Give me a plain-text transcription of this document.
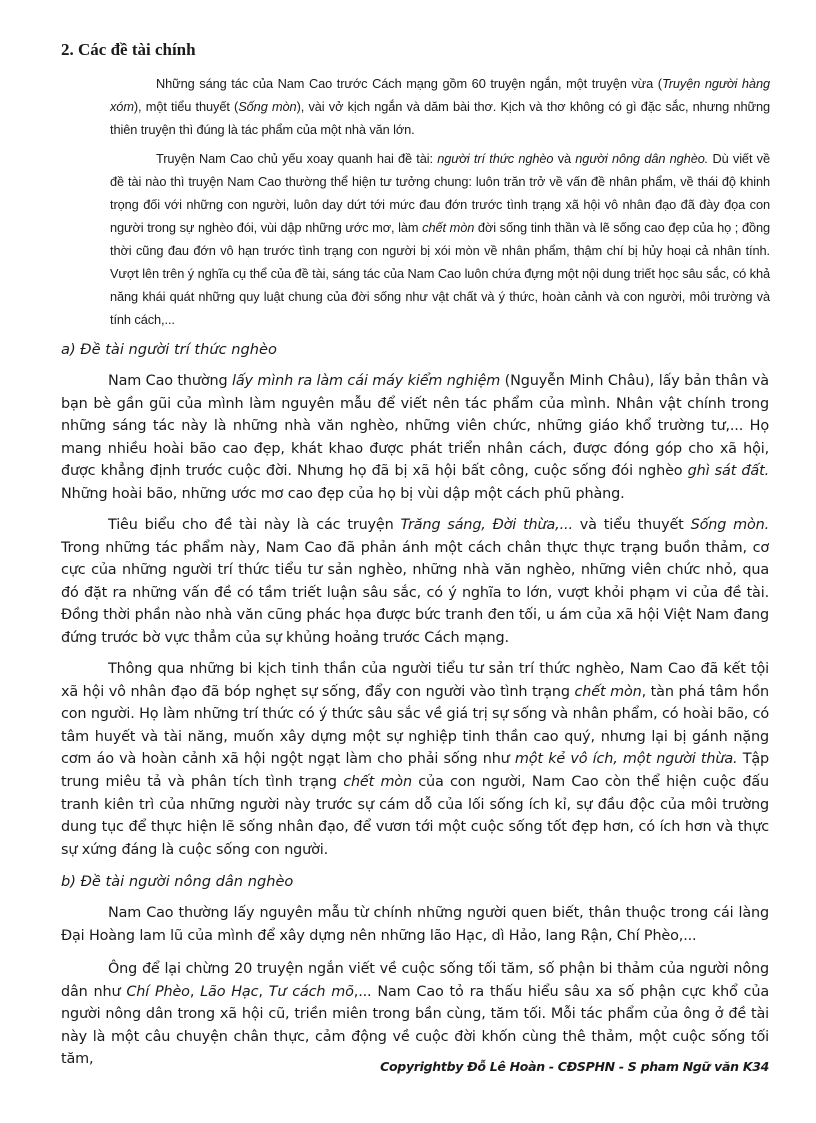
2. Các đề tài chính

Những sáng tác của Nam Cao trước Cách mạng gồm 60 truyện ngắn, một truyện vừa (Truyện người hàng xóm), một tiểu thuyết (Sống mòn), vài vở kịch ngắn và dăm bài thơ. Kịch và thơ không có gì đặc sắc, nhưng những thiên truyện thì đúng là tác phẩm của một nhà văn lớn.

Truyện Nam Cao chủ yếu xoay quanh hai đề tài: người trí thức nghèo và người nông dân nghèo. Dù viết về đề tài nào thì truyện Nam Cao thường thể hiện tư tưởng chung: luôn trăn trở về vấn đề nhân phẩm, về thái độ khinh trọng đối với những con người, luôn day dứt tới mức đau đớn trước tình trạng xã hội vô nhân đạo đã đày đọa con người trong sự nghèo đói, vùi dập những ước mơ, làm chết mòn đời sống tinh thần và lẽ sống cao đẹp của họ ; đồng thời cũng đau đớn vô hạn trước tình trạng con người bị xói mòn về nhân phẩm, thậm chí bị hủy hoại cả nhân tính. Vượt lên trên ý nghĩa cụ thể của đề tài, sáng tác của Nam Cao luôn chứa đựng một nội dung triết học sâu sắc, có khả năng khái quát những quy luật chung của đời sống như vật chất và ý thức, hoàn cảnh và con người, môi trường và tính cách,...

a) Đề tài người trí thức nghèo

Nam Cao thường lấy mình ra làm cái máy kiểm nghiệm (Nguyễn Minh Châu), lấy bản thân và bạn bè gần gũi của mình làm nguyên mẫu để viết nên tác phẩm của mình. Nhân vật chính trong những sáng tác này là những nhà văn nghèo, những viên chức, những giáo khổ trường tư,... Họ mang nhiều hoài bão cao đẹp, khát khao được phát triển nhân cách, được đóng góp cho xã hội, được khẳng định trước cuộc đời. Nhưng họ đã bị xã hội bất công, cuộc sống đói nghèo ghì sát đất. Những hoài bão, những ước mơ cao đẹp của họ bị vùi dập một cách phũ phàng.

Tiêu biểu cho đề tài này là các truyện Trăng sáng, Đời thừa,... và tiểu thuyết Sống mòn. Trong những tác phẩm này, Nam Cao đã phản ánh một cách chân thực thực trạng buồn thảm, cơ cực của những người trí thức tiểu tư sản nghèo, những nhà văn nghèo, những viên chức nhỏ, qua đó đặt ra những vấn đề có tầm triết luận sâu sắc, có ý nghĩa to lớn, vượt khỏi phạm vi của đề tài. Đồng thời phần nào nhà văn cũng phác họa được bức tranh đen tối, u ám của xã hội Việt Nam đang đứng trước bờ vực thẳm của sự khủng hoảng trước Cách mạng.

Thông qua những bi kịch tinh thần của người tiểu tư sản trí thức nghèo, Nam Cao đã kết tội xã hội vô nhân đạo đã bóp nghẹt sự sống, đẩy con người vào tình trạng chết mòn, tàn phá tâm hồn con người. Họ làm những trí thức có ý thức sâu sắc về giá trị sự sống và nhân phẩm, có hoài bão, có tâm huyết và tài năng, muốn xây dựng một sự nghiệp tinh thần cao quý, nhưng lại bị gánh nặng cơm áo và hoàn cảnh xã hội ngột ngạt làm cho phải sống như một kẻ vô ích, một người thừa. Tập trung miêu tả và phân tích tình trạng chết mòn của con người, Nam Cao còn thể hiện cuộc đấu tranh kiên trì của những người này trước sự cám dỗ của lối sống ích kỉ, sự đầu độc của môi trường dung tục để thực hiện lẽ sống nhân đạo, để vươn tới một cuộc sống tốt đẹp hơn, có ích hơn và thực sự xứng đáng là cuộc sống con người.

b) Đề tài người nông dân nghèo

Nam Cao thường lấy nguyên mẫu từ chính những người quen biết, thân thuộc trong cái làng Đại Hoàng lam lũ của mình để xây dựng nên những lão Hạc, dì Hảo, lang Rận, Chí Phèo,...

Ông để lại chừng 20 truyện ngắn viết về cuộc sống tối tăm, số phận bi thảm của người nông dân như Chí Phèo, Lão Hạc, Tư cách mõ,... Nam Cao tỏ ra thấu hiểu sâu xa số phận cực khổ của người nông dân trong xã hội cũ, triền miên trong bần cùng, tăm tối. Mỗi tác phẩm của ông ở đề tài này là một câu chuyện chân thực, cảm động về cuộc đời khốn cùng thê thảm, một cuộc sống tối tăm,	Copyrightby Đỗ Lê Hoàn - CĐSPHN - S pham Ngữ văn K34
